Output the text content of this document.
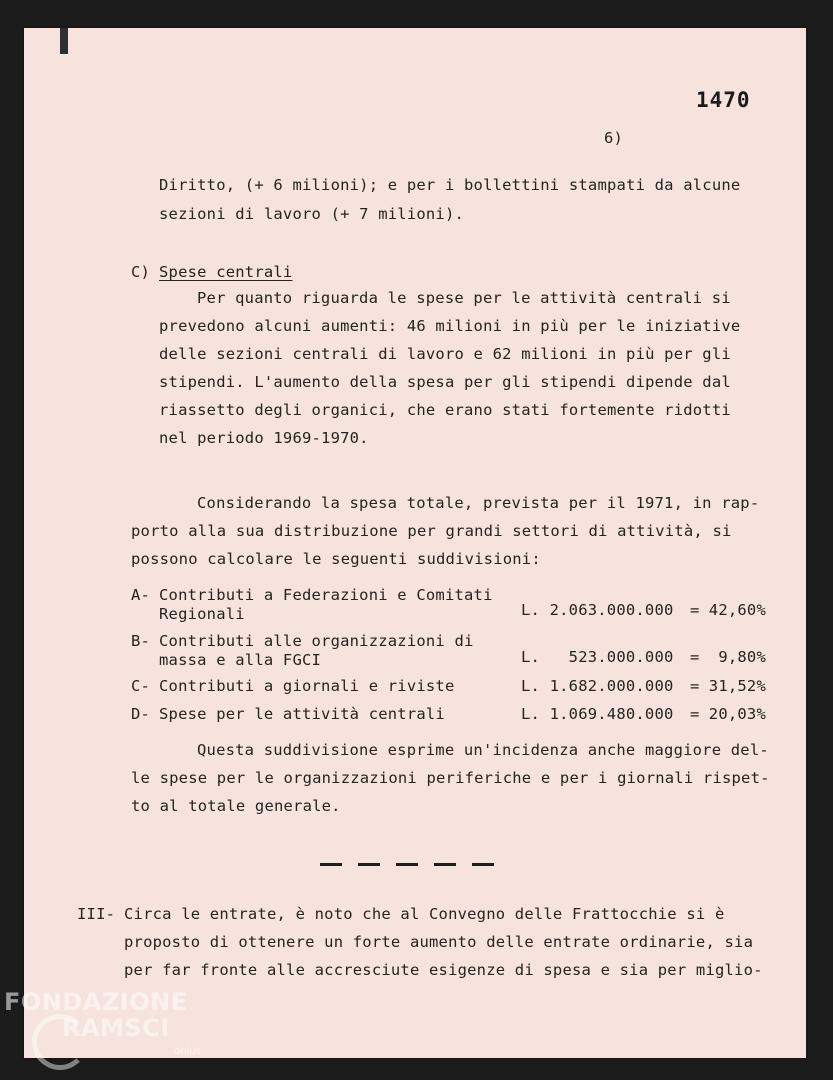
1470
6)
Diritto, (+ 6 milioni); e per i bollettini stampati da alcune
sezioni di lavoro (+ 7 milioni).
C) Spese centrali
Per quanto riguarda le spese per le attività centrali si
prevedono alcuni aumenti: 46 milioni in più per le iniziative
delle sezioni centrali di lavoro e 62 milioni in più per gli
stipendi. L'aumento della spesa per gli stipendi dipende dal
riassetto degli organici, che erano stati fortemente ridotti
nel periodo 1969-1970.
Considerando la spesa totale, prevista per il 1971, in rap-
porto alla sua distribuzione per grandi settori di attività, si
possono calcolare le seguenti suddivisioni:
A- Contributi a Federazioni e Comitati
Regionali	L. 2.063.000.000 = 42,60%
B- Contributi alle organizzazioni di
massa e alla FGCI	L.   523.000.000 =	9,80%
C- Contributi a giornali e riviste	L. 1.682.000.000 = 31,52%
D- Spese per le attività centrali	L. 1.069.480.000 = 20,03%
Questa suddivisione esprime un'incidenza anche maggiore del-
le spese per le organizzazioni periferiche e per i giornali rispet-
to al totale generale.
III- Circa le entrate, è noto che al Convegno delle Frattocchie si è
proposto di ottenere un forte aumento delle entrate ordinarie, sia
per far fronte alle accresciute esigenze di spesa e sia per miglio-
FONDAZIONE
RAMSCI
onlus
